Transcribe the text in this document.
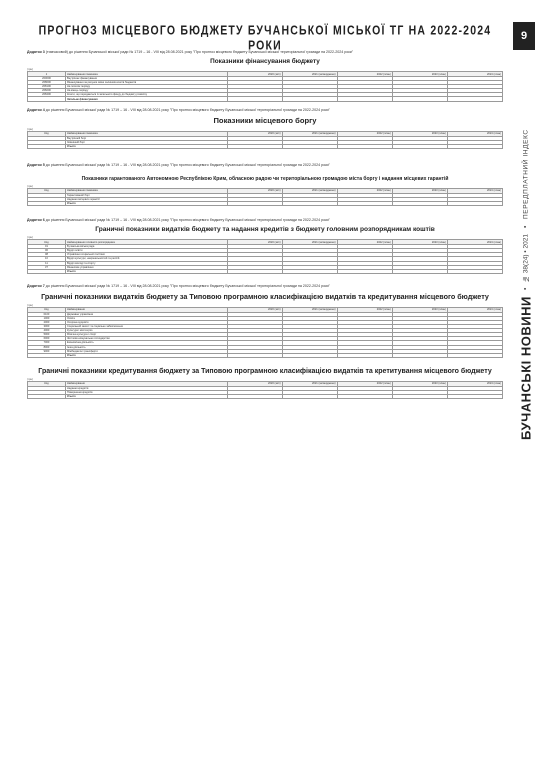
ПРОГНОЗ МІСЦЕВОГО БЮДЖЕТУ БУЧАНСЬКОЇ МІСЬКОЇ ТГ НА 2022-2024 РОКИ
9
БУЧАНСЬКІ НОВИНИ
•
№ 38(24) • 2021
•
ПЕРЕДПЛАТНИЙ ІНДЕКС
Додаток 3 (тимчасовий) до рішення Бучанської міської ради № 1719 – 16 - VIII від 28.08.2021 року "Про прогноз місцевого бюджету Бучанської міської територіальної громади на 2022-2024 роки"
Показники фінансування бюджету
(грн)
1	Найменування показника	2020 (звіт)	2021 (затверджено)	2022 (план)	2023 (план)	2024 (план)
200000	Внутрішнє фінансування					
208000	Фінансування за рахунок зміни залишків коштів бюджетів					
208100	На початок періоду					
208200	На кінець періоду					
208400	Кошти, що передаються із загального фонду до бюджету розвитку					
	Загальне фінансування					
Додаток 4 до рішення Бучанської міської ради № 1719 – 16 - VIII від 28.08.2021 року "Про прогноз місцевого бюджету Бучанської міської територіальної громади на 2022-2024 роки"
Показники місцевого боргу
(грн)
Код	Найменування показника	2020 (звіт)	2021 (затверджено)	2022 (план)	2023 (план)	2024 (план)
	Внутрішній борг					
	Зовнішній борг					
	Усього					
Додаток 5 до рішення Бучанської міської ради № 1719 – 16 - VIII від 28.08.2021 року "Про прогноз місцевого бюджету Бучанської міської територіальної громади на 2022-2024 роки"
Показники гарантованого Автономною Республікою Крим, обласною радою чи територіальною громадою міста боргу і надання місцевих гарантій
(грн)
Код	Найменування показника	2020 (звіт)	2021 (затверджено)	2022 (план)	2023 (план)	2024 (план)
	Гарантований борг					
	Надання місцевих гарантій					
	Усього					
Додаток 6 до рішення Бучанської міської ради № 1719 – 16 - VIII від 28.08.2021 року "Про прогноз місцевого бюджету Бучанської міської територіальної громади на 2022-2024 роки"
Граничні показники видатків бюджету та надання кредитів з бюджету головним розпорядникам коштів
(грн)
Код	Найменування головного розпорядника	2020 (звіт)	2021 (затверджено)	2022 (план)	2023 (план)	2024 (план)
01	Бучанська міська рада					
06	Відділ освіти					
08	Управління соціальної політики					
10	Відділ культури, національностей та релігій					
11	Відділ молоді та спорту					
37	Фінансове управління					
	Усього					
Додаток 7 до рішення Бучанської міської ради № 1719 – 16 - VIII від 28.08.2021 року "Про прогноз місцевого бюджету Бучанської міської територіальної громади на 2022-2024 роки"
Граничні показники видатків бюджету за Типовою програмною класифікацією видатків та кредитування місцевого бюджету
(грн)
Код	Найменування	2020 (звіт)	2021 (затверджено)	2022 (план)	2023 (план)	2024 (план)
0100	Державне управління					
1000	Освіта					
2000	Охорона здоров'я					
3000	Соціальний захист та соціальне забезпечення					
4000	Культура і мистецтво					
5000	Фізична культура і спорт					
6000	Житлово-комунальне господарство					
7000	Економічна діяльність					
8000	Інша діяльність					
9000	Міжбюджетні трансферти					
	Усього					
Граничні показники кредитування бюджету за Типовою програмною класифікацією видатків та кретитування місцевого бюджету
(грн)
Код	Найменування	2020 (звіт)	2021 (затверджено)	2022 (план)	2023 (план)	2024 (план)
	Надання кредитів					
	Повернення кредитів					
	Усього					
